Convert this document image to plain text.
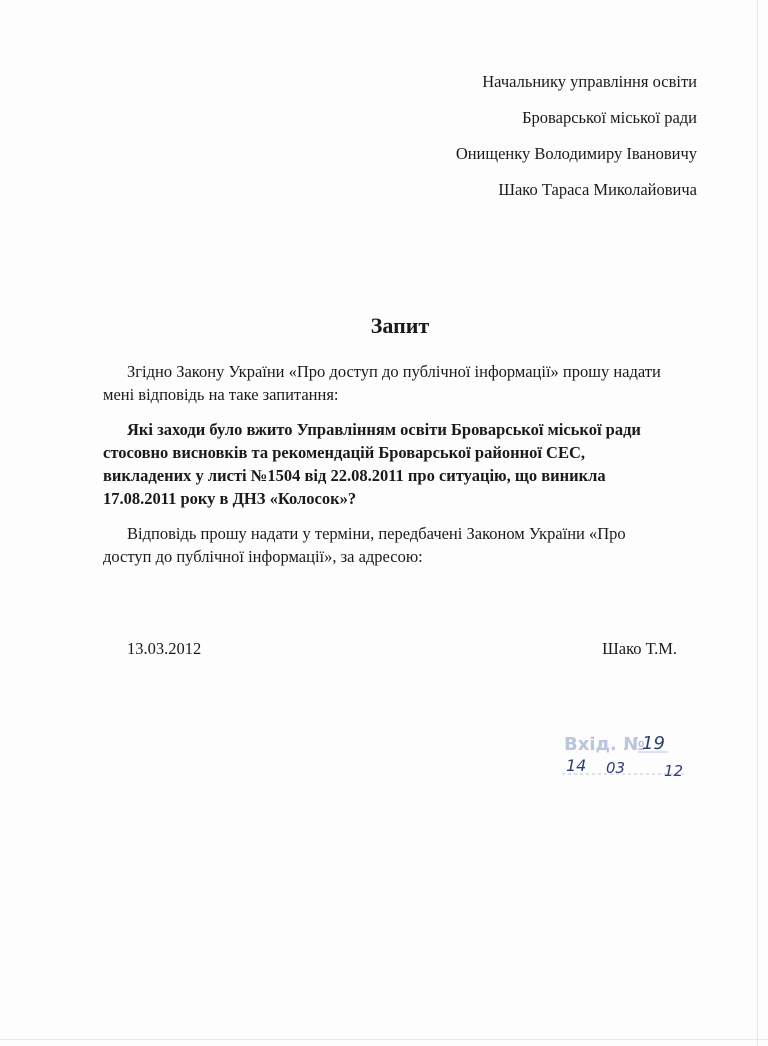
Начальнику управління освіти
Броварської міської ради
Онищенку Володимиру Івановичу
Шако Тараса Миколайовича
Запит
Згідно Закону України «Про доступ до публічної інформації» прошу надати мені відповідь на таке запитання:
Які заходи було вжито Управлінням освіти Броварської міської ради стосовно висновків та рекомендацій Броварської районної СЕС, викладених у листі №1504 від 22.08.2011 про ситуацію, що виникла 17.08.2011 року в ДНЗ «Колосок»?
Відповідь прошу надати у терміни, передбачені Законом України «Про доступ до публічної інформації», за адресою:
13.03.2012	Шако Т.М.
Вхід. №
19
14 03	12
